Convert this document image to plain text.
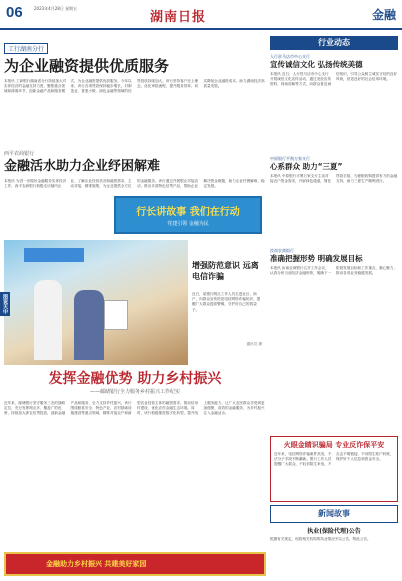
06	2023年4月28日 星期五
湖南日报	金融
工行湖南分行
为企业融资提供优质服务
本报讯 工商银行湖南省分行持续加大对实体经济的金融支持力度，聚焦重点领域和薄弱环节，创新金融产品和服务模式，为企业融资提供优质服务。今年以来，该行各项贷款保持稳步增长，对制造业、普惠小微、绿色金融等领域的信贷投放持续加大。该行坚持客户至上理念，优化审批流程，提升服务效率，切实降低企业融资成本，助力湖南经济高质量发展。
西平农商银行
金融活水助力企业纾困解难
本报讯 为进一步做好金融服务实体经济工作，西平农商银行积极走访辖内企业，了解企业经营状况和融资需求，主动对接，精准施策，为企业提供全方位的金融服务。该行通过开展银企对接活动，推出多款特色信贷产品，帮助企业解决资金难题，助力企业纾困解难、稳定发展。
行长讲故事 我们在行动
党建引领 金融为民
图说天中
增强防范意识 远离电信诈骗
近日，某银行网点工作人员走进社区、商户，向群众宣传防范电信网络诈骗知识，提醒广大群众提高警惕，守护好自己的钱袋子。
通讯员 摄
发挥金融优势 助力乡村振兴
——邮储银行全力服务乡村振兴工作纪实
近年来，邮储银行坚守服务三农的战略定位，充分发挥网点多、覆盖广的优势，持续加大涉农信贷投放，创新金融产品和服务，全力支持乡村振兴。该行围绕粮食安全、特色产业、农村基础设施建设等重点领域，精准对接农户和新型农业经营主体的融资需求，推动信用村建设，优化农村金融生态环境。同时，该行积极推进数字化转型，提升线上服务能力，让广大农民群众享受到更加便捷、高效的金融服务，为乡村振兴注入金融活水。
金融助力乡村振兴 共建美好家园
行业动态
人行驻马店市中心支行
宣传诚信文化 弘扬传统美德
本报讯 近日，人行驻马店市中心支行开展诚信文化宣传活动，通过发放宣传资料、现场讲解等方式，向群众普及诚信知识，引导公众树立诚实守信的良好风尚，营造良好的社会信用环境。
中原银行平舆万家支行
心系群众 助力“三夏”
本报讯 中原银行平舆万家支行主动对接农户资金需求，开辟绿色通道，简化贷款手续，为夏粮收购提供有力的金融支持，助力三夏生产顺利进行。
汝南农商银行
准确把握形势 明确发展目标
本报讯 汝南农商银行召开工作会议，认真分析当前经济金融形势，明确下一阶段发展目标和工作重点，凝心聚力，推动各项业务稳健发展。
火眼金睛识骗局 专业反诈保平安
近年来，电信网络诈骗案件高发，不法分子手段不断翻新。银行工作人员提醒广大群众，不轻信陌生来电，不点击不明链接，不向陌生账户转账，保护好个人信息和资金安全。
新闻故事
执业(保险代理)公告
根据有关规定，现将相关机构的执业情况予以公告，特此公告。
